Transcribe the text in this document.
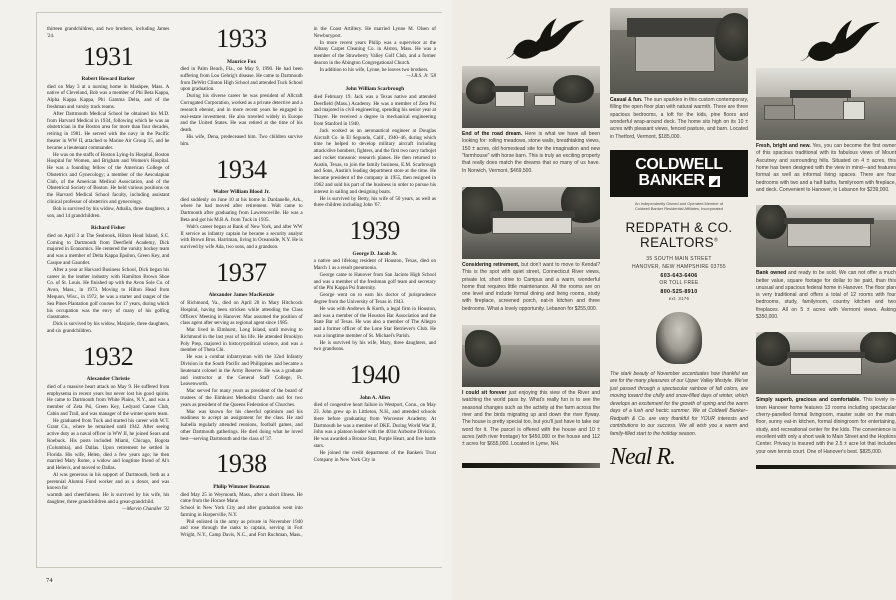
thirteen grandchildren, and two brothers, including James '24.

1931
Robert Howard Barker

died on May 3 at a nursing home in Mashpee, Mass. A native of Cleveland, Bob was a member of Phi Beta Kappa, Alpha Kappa Kappa, Phi Gamma Delta, and of the freshman and varsity track teams.

After Dartmouth Medical School he obtained his M.D. from Harvard Medical in 1934, following which he was an obstetrician in the Boston area for more than four decades, retiring in 1981. He served with the navy in the Pacific theater in WW II, attached to Marine Air Group 15, and he became a lieutenant commander.

He was on the staffs of Boston Lying-In Hospital, Boston Hospital for Women, and Brigham and Women's Hospital. He was a founding fellow of the American College of Obstetrics and Gynecology; a member of the Aesculapian Club, of the American Medical Association, and of the Obstetrical Society of Boston. He held various positions on the Harvard Medical School faculty, including assistant clinical professor of obstetrics and gynecology.

Bob is survived by his widow, Athalia, three daughters, a son, and 14 grandchildren.

Richard Fisher

died on April 3 at The Seabrook, Hilton Head Island, S.C. Coming to Dartmouth from Deerfield Academy, Dick majored in Economics. He centered the varsity hockey team and was a member of Delta Kappa Epsilon, Green Key, and Casque and Gauntlet.

After a year at Harvard Business School, Dick began his career in the leather industry with Hamilton Brown Shoe Co. of St. Louis. He finished up with the Avon Sole Co. of Avon, Mass., in 1973. Moving to Hilton Head from Mequon, Wisc., in 1972, he was a starter and ranger of the Sea Pines Plantation golf courses for 17 years, during which his occupation was the envy of many of his golfing classmates.

Dick is survived by his widow, Marjorie, three daughters, and six grandchildren.

1932
Alexander Christie

died of a massive heart attack on May 9. He suffered from emphysema in recent years but never lost his good spirits. He came to Dartmouth from White Plains, N.Y., and was a member of Zeta Psi, Green Key, Ledyard Canoe Club, Cabin and Trail, and was manager of the winter sports team.

He graduated from Tuck and started his career with W.T. Grant Co., where he remained until 1942. After seeing active duty as a naval officer in WW II, he joined Sears and Roebuck. His posts included Miami, Chicago, Bogota (Columbia), and Dallas. Upon retirement he settled in Florida. His wife, Helen, died a few years ago; he then married Mary Rome, a widow and longtime friend of Al's and Helen's, and moved to Dallas.

Al was generous in his support of Dartmouth, both as a perennial Alumni Fund worker and as a donor, and was known for

warmth and cheerfulness. He is survived by his wife, his daughter, three grandchildren and a great-grandchild.

—Marvin Chandler '32

1933
Maurice Fox

died in Palm Beach, Fla., on May 9, 1990. He had been suffering from Lou Gehrig's disease. He came to Dartmouth from DeWitt Clinton High School and attended Tuck School upon graduation.

During his diverse career he was president of Allcraft Corrugated Corporation, worked as a private detective and a research ebenist, and in more recent years he engaged in real-estate investment. He also traveled widely in Europe and the United States. He was retired at the time of his death.

His wife, Dena, predeceased him. Two children survive him.

1934
Walter William Blood Jr.

died suddenly on June 10 at his home in Dardanelle, Ark., where he had moved after retirement. Walt came to Dartmouth after graduating from Lawrenceville. He was a Beta and got his M.B.A. from Tuck in 1935.

Walt's career began at Bank of New York, and after WW II service as infantry captain he became a security analyst with Brown Bros. Harriman, living in Oceanside, N.Y. He is survived by wife Ada, two sons, and a grandson.

1937
Alexander James MacKenzie

of Richmond, Va., died on April 28 in Mary Hitchcock Hospital, having been stricken while attending the Class Officers' Meeting in Hanover. Mac assumed the position of class agent after serving as regional agent since 1985.

Mac lived in Elmhurst, Long Island, until moving to Richmond in the last year of his life. He attended Brooklyn Poly Prep, majored in history/political science, and was a member of Theta Chi.

He was a combat infantryman with the 32nd Infantry Division in the South Pacific and Philippines and became a lieutenant colonel in the Army Reserve. He was a graduate and instructor at the General Staff College, Ft. Leavenworth.

Mac served for many years as president of the board of trustees of the Elmhurst Methodist Church and for two years as president of the Queens Federation of Churches.

Mac was known for his cheerful optimism and his readiness to accept an assignment for the class. He and Isabella regularly attended reunions, football games, and other Dartmouth gatherings. He died doing what he loved best—serving Dartmouth and the class of '37.

1938
Philip Wimmer Beatman

died May 25 in Weymouth, Mass., after a short illness. He came from the Horace Mann

School in New York City and after graduation went into farming in Harperville, N.Y.

Phil enlisted in the army as private in November 1940 and rose through the ranks to captain, serving in Fort Wright, N.Y., Camp Davis, N.C., and Fort Ruchman, Mass., in the Coast Artillery. He married Lynne M. Olsen of Newburyport.

In more recent years Philip was a supervisor at the Albany Carpet Cleaning Co. in Alston, Mass. He was a member of the Strawberry Valley Golf Club, and a former deacon in the Abington Congregational Church.

In addition to his wife, Lynne, he leaves two brothers.

—J.R.S. Jr. '58

John William Scarbrough

died February 19. Jack was a Texas native and attended Deerfield (Mass.) Academy. He was a member of Zeta Psi and majored in civil engineering, spending his senior year at Thayer. He received a degree in mechanical engineering from Stanford in 1940.

Jack worked as an aeronautical engineer at Douglas Aircraft Co. in El Segundo, Calif., 1940–46, during which time he helped to develop military aircraft including attack/dive bombers, fighters, and the first two navy turbojet and rocket transonic research planes. He then returned to Austin, Texas, to join the family business, E.M. Scarbrough and Sons, Austin's leading department store at the time. He became president of the company in 1955, then resigned in 1962 and sold his part of the business in order to pursue his interest in sailing and designing boats.

He is survived by Betty, his wife of 50 years, as well as three children including John '67.

1939
George D. Jacob Jr.

a native and lifelong resident of Houston, Texas, died on March 1 as a result pneumonia.

George came to Hanover from San Jacinto High School and was a member of the freshman golf team and secretary of the Phi Kappa Psi fraternity.

George went on to earn his doctor of jurisprudence degree from the University of Texas in 1943.

He was with Andrews & Kurth, a legal firm in Houston, and was a member of the Houston Bar Association and the State Bar of Texas. He was also a member of The Allegro and a former officer of the Lone Star Retriever's Club. He was a longtime member of St. Michael's Parish.

He is survived by his wife, Mary, three daughters, and two grandsons.

1940
John A. Allen

died of congestive heart failure in Westport, Conn., on May 23. John grew up in Littleton, N.H., and attended schools there before graduating from Worcester Academy. At Dartmouth he was a member of DKE. During World War II, John was a platoon leader with the 401st Airborne Division. He was awarded a Bronze Star, Purple Heart, and five battle stars.

He joined the credit department of the Bankers Trust Company in New York City in

74

End of the road dream. Here is what we have all been looking for: rolling meadows, stone walls, breathtaking views, 150 ± acres, old homestead site for the imagination and new "farmhouse" with horse barn. This is truly an exciting property that really does match the dreams that so many of us have. In Norwich, Vermont, $469,500.

Considering retirement, but don't want to move to Kendal? This is the spot with quiet street, Connecticut River views, private lot, short drive to Campus and a warm, wonderful home that requires little maintenance. All the rooms are on one level and include formal dining and living rooms, study with fireplace, screened porch, eat-in kitchen and three bedrooms. What a lovely opportunity. Lebanon for $255,000.

I could sit forever just enjoying this view of the River and watching the world pass by. What's really fun is to see the seasonal changes such as the activity at the farm across the river and the birds migrating up and down the river flyway. The house is pretty special too, but you'll just have to take our word for it. The parcel is offered with the house and 10 ± acres (with river frontage) for $450,000 or the house and 112 ± acres for $655,000. Located in Lyme, NH.

Casual & fun. The sun sparkles in this custom contemporary, filling the open floor plan with natural warmth. There are three spacious bedrooms, a loft for the kids, pine floors and wonderful wrap-around deck. The home sits high on its 10 ± acres with pleasant views, fenced pasture, and barn. Located in Thetford, Vermont, $185,000.

COLDWELL
BANKER ◢
An Independently Owned and Operated Member of
Coldwell Banker Residential Affiliates, Incorporated
REDPATH & CO.
REALTORS®
35 SOUTH MAIN STREET
HANOVER, NEW HAMPSHIRE 03755
603-643-6406
OR TOLL FREE
800-525-8910
ext. 3176

The stark beauty of November accentuates how thankful we are for the many pleasures of our Upper Valley lifestyle. We've just passed through a spectacular rainbow of fall colors, are moving toward the chilly and snow-filled days of winter, which develops an excitement for the growth of spring and the warm days of a lush and hectic summer. We at Coldwell Banker–Redpath & Co. are very thankful for YOUR interests and contributions to our success. We all wish you a warm and family-filled start to the holiday season.

Neal R.

Fresh, bright and new. Yes, you can become the first owner of this spacious traditional with its fabulous views of Mount Ascutney and surrounding hills. Situated on 4 ± acres, this home has been designed with the view in mind—and features formal as well as informal living spaces. There are four bedrooms with two and a half baths, familyroom with fireplace, and deck. Convenient to Hanover, in Lebanon for $239,000.

Bank owned and ready to be sold. We can not offer a much better value, square footage for dollar to be paid, than this unusual and spacious federal home in Hanover. The floor plan is very traditional and offers a total of 12 rooms with four bedrooms, study, familyroom, country kitchen and two fireplaces. All on 5 ± acres with Vermont views. Asking $350,000.

Simply superb, gracious and comfortable. This lovely in-town Hanover home features 13 rooms including spectacular cherry-panelled formal livingroom, master suite on the main floor, sunny eat-in kitchen, formal diningroom for entertaining, study, and recreational center for the kids. The convenience is excellent with only a short walk to Main Street and the Hopkins Center. Privacy is insured with the 2.5 ± acre lot that includes your own tennis court. One of Hanover's best. $825,000.
